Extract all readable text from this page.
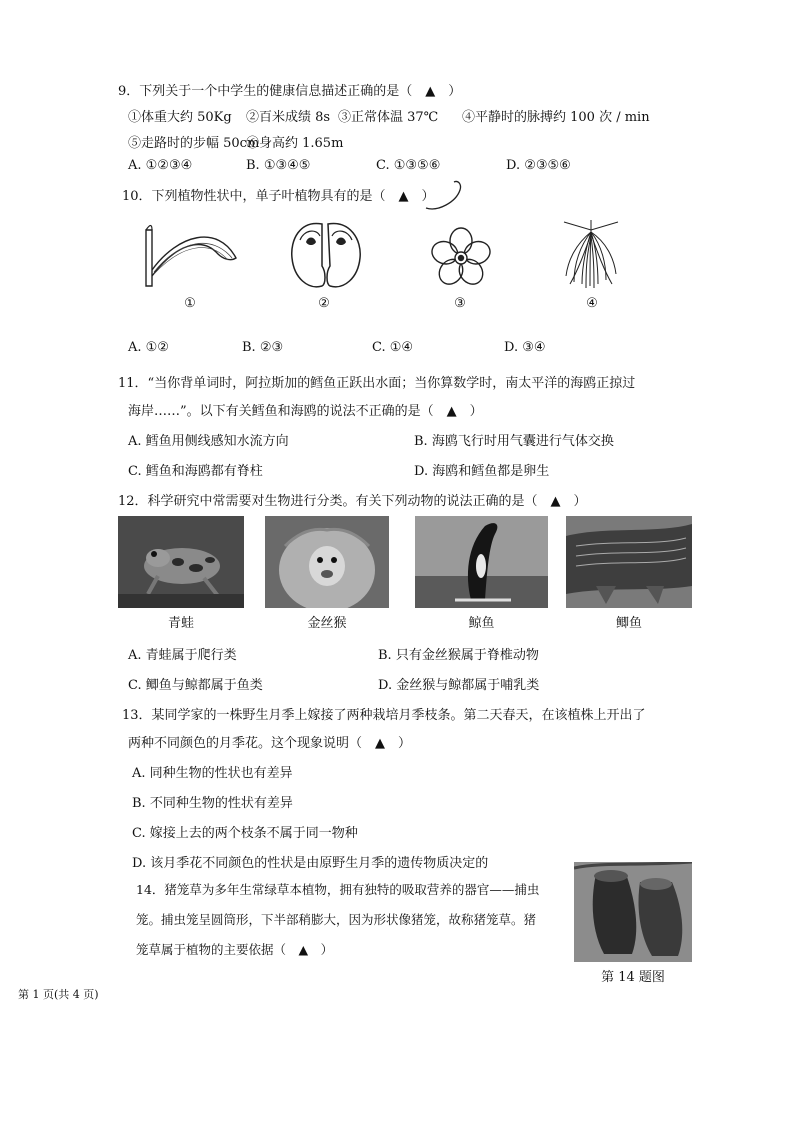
9．下列关于一个中学生的健康信息描述正确的是（　▲　）
①体重大约 50Kg ②百米成绩 8s ③正常体温 37℃ ④平静时的脉搏约 100 次 / min
⑤走路时的步幅 50cm
⑥身高约 1.65m
A. ①②③④	B. ①③④⑤	C. ①③⑤⑥	D. ②③⑤⑥
10．下列植物性状中，单子叶植物具有的是（　▲　）
①	②	③	④
A. ①②	B. ②③	C. ①④	D. ③④
11．“当你背单词时，阿拉斯加的鳕鱼正跃出水面；当你算数学时，南太平洋的海鸥正掠过
海岸……”。以下有关鳕鱼和海鸥的说法不正确的是（　▲　）
A. 鳕鱼用侧线感知水流方向	B. 海鸥飞行时用气囊进行气体交换
C. 鳕鱼和海鸥都有脊柱	D. 海鸥和鳕鱼都是卵生
12．科学研究中常需要对生物进行分类。有关下列动物的说法正确的是（　▲　）
青蛙	金丝猴	鲸鱼	鲫鱼
A. 青蛙属于爬行类	B. 只有金丝猴属于脊椎动物
C. 鲫鱼与鲸都属于鱼类	D. 金丝猴与鲸都属于哺乳类
13．某同学家的一株野生月季上嫁接了两种栽培月季枝条。第二天春天，在该植株上开出了
两种不同颜色的月季花。这个现象说明（　▲　）
A. 同种生物的性状也有差异
B. 不同种生物的性状有差异
C. 嫁接上去的两个枝条不属于同一物种
D. 该月季花不同颜色的性状是由原野生月季的遗传物质决定的
14．猪笼草为多年生常绿草本植物，拥有独特的吸取营养的器官——捕虫
笼。捕虫笼呈圆筒形，下半部稍膨大，因为形状像猪笼，故称猪笼草。猪
笼草属于植物的主要依据（　▲　）
第 14 题图
第 1 页(共 4 页)
